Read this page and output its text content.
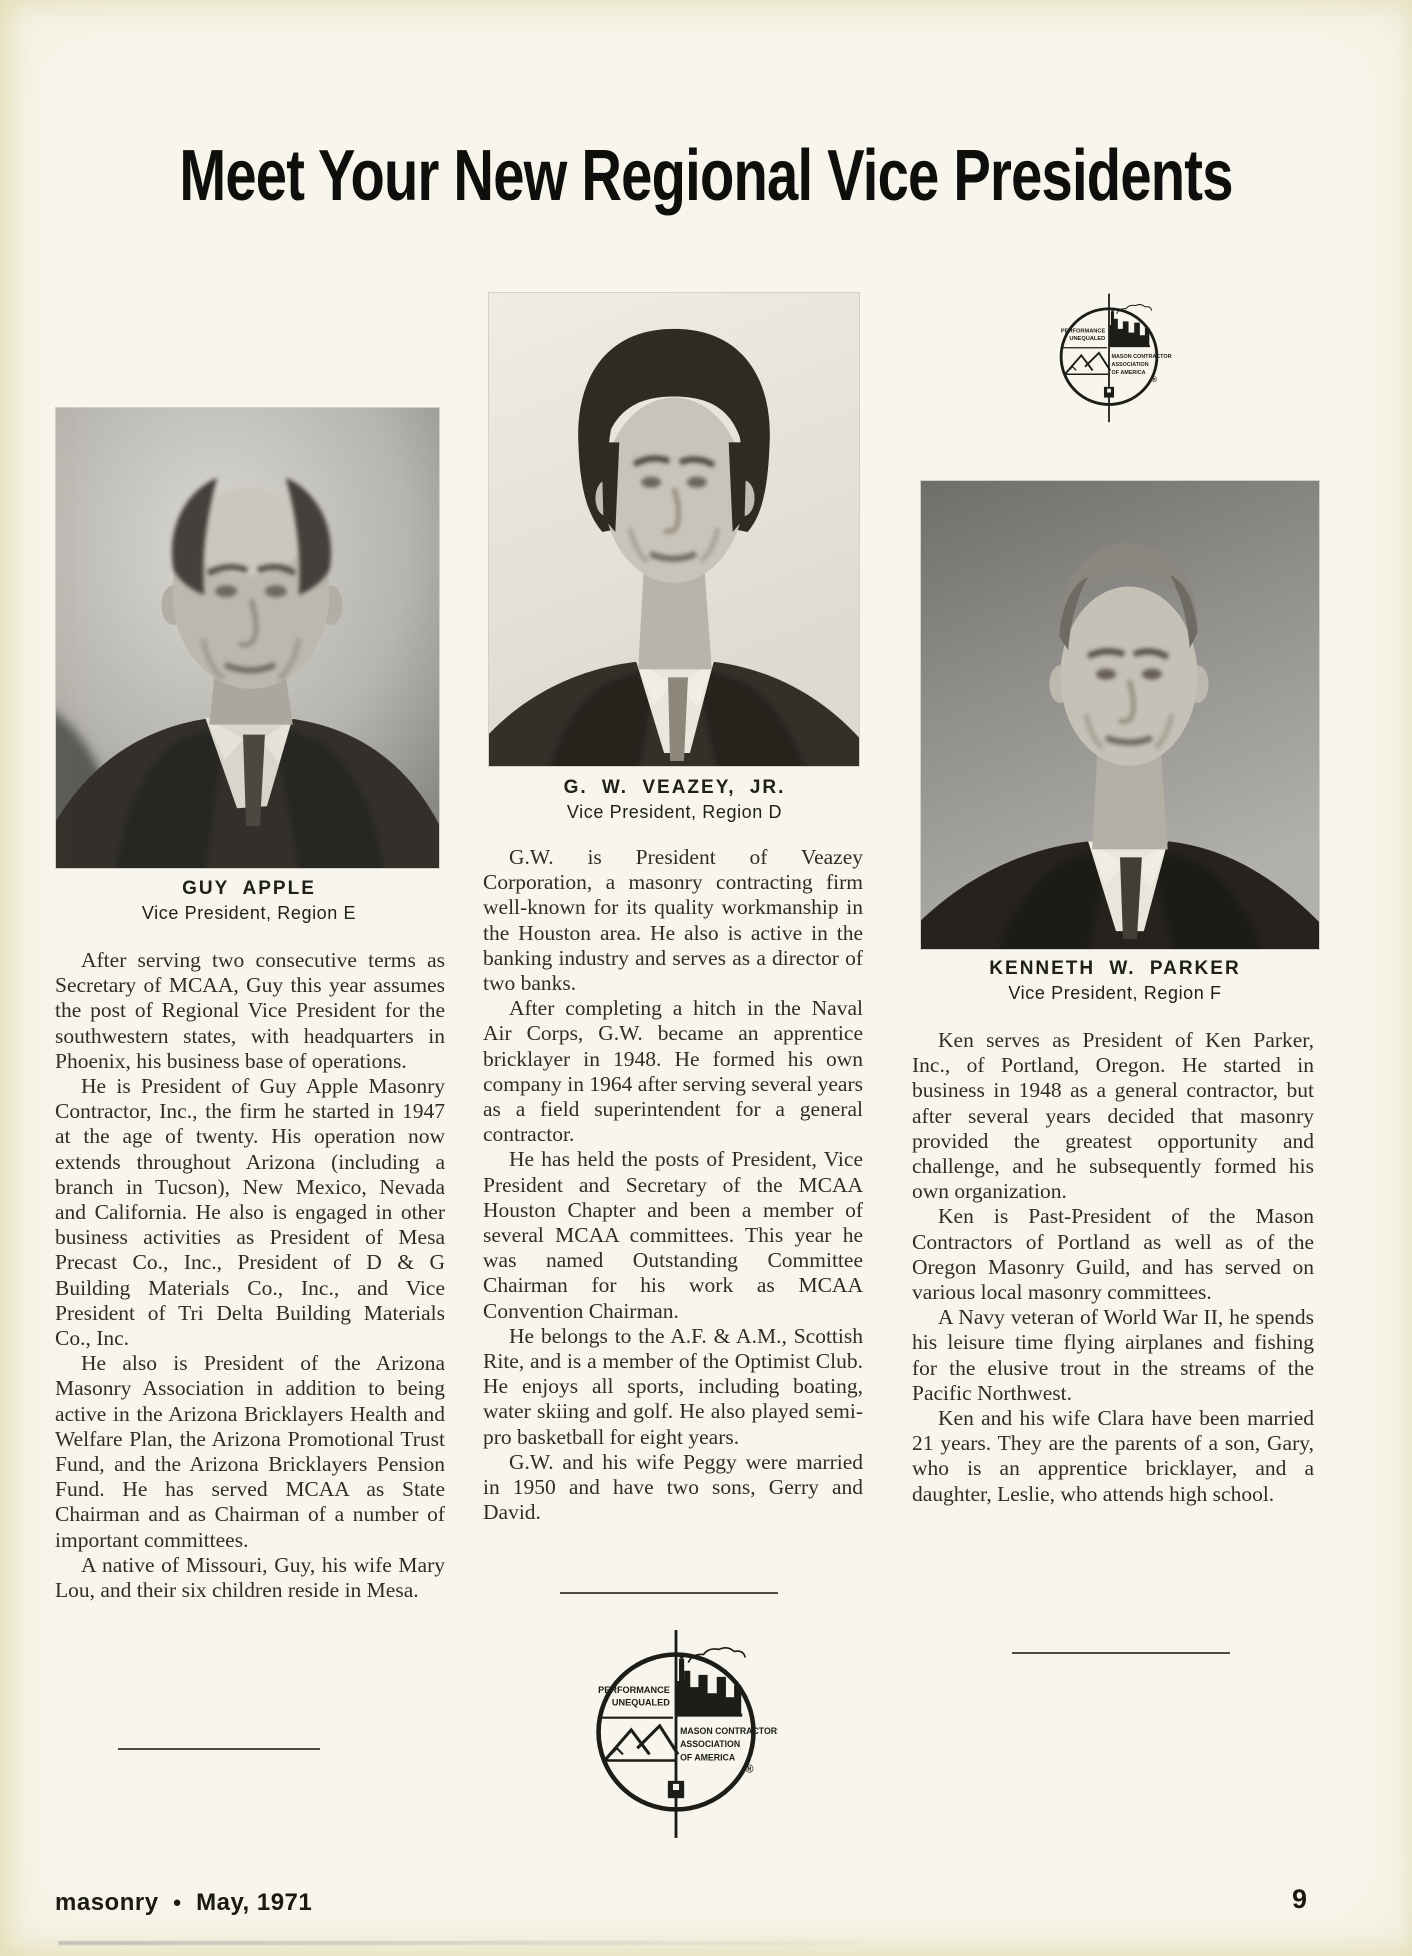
Meet Your New Regional Vice Presidents
GUY APPLE
Vice President, Region E

After serving two consecutive terms as Secretary of MCAA, Guy this year assumes the post of Regional Vice President for the southwestern states, with headquarters in Phoenix, his business base of operations.

He is President of Guy Apple Masonry Contractor, Inc., the firm he started in 1947 at the age of twenty. His operation now extends throughout Arizona (including a branch in Tucson), New Mexico, Nevada and California. He also is engaged in other business activities as President of Mesa Precast Co., Inc., President of D & G Building Materials Co., Inc., and Vice President of Tri Delta Building Materials Co., Inc.

He also is President of the Arizona Masonry Association in addition to being active in the Arizona Bricklayers Health and Welfare Plan, the Arizona Promotional Trust Fund, and the Arizona Bricklayers Pension Fund. He has served MCAA as State Chairman and as Chairman of a number of important committees.

A native of Missouri, Guy, his wife Mary Lou, and their six children reside in Mesa.

G. W. VEAZEY, JR.
Vice President, Region D

G.W. is President of Veazey Corporation, a masonry contracting firm well-known for its quality workmanship in the Houston area. He also is active in the banking industry and serves as a director of two banks.

After completing a hitch in the Naval Air Corps, G.W. became an apprentice bricklayer in 1948. He formed his own company in 1964 after serving several years as a field superintendent for a general contractor.

He has held the posts of President, Vice President and Secretary of the MCAA Houston Chapter and been a member of several MCAA committees. This year he was named Outstanding Committee Chairman for his work as MCAA Convention Chairman.

He belongs to the A.F. & A.M., Scottish Rite, and is a member of the Optimist Club. He enjoys all sports, including boating, water skiing and golf. He also played semi-pro basketball for eight years.

G.W. and his wife Peggy were married in 1950 and have two sons, Gerry and David.

KENNETH W. PARKER
Vice President, Region F

Ken serves as President of Ken Parker, Inc., of Portland, Oregon. He started in business in 1948 as a general contractor, but after several years decided that masonry provided the greatest opportunity and challenge, and he subsequently formed his own organization.

Ken is Past-President of the Mason Contractors of Portland as well as of the Oregon Masonry Guild, and has served on various local masonry committees.

A Navy veteran of World War II, he spends his leisure time flying airplanes and fishing for the elusive trout in the streams of the Pacific Northwest.

Ken and his wife Clara have been married 21 years. They are the parents of a son, Gary, who is an apprentice bricklayer, and a daughter, Leslie, who attends high school.

masonry ● May, 1971	9
